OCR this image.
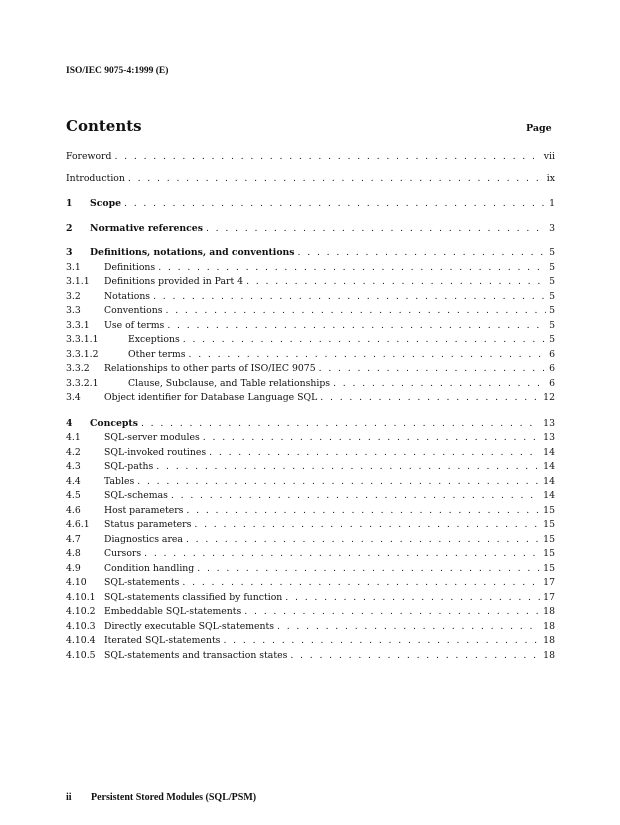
ISO/IEC 9075-4:1999 (E)
Contents	Page
Foreword . . .	vii
Introduction . . .	ix
1	Scope . . .	1
2	Normative references . . .	3
3	Definitions, notations, and conventions . . .	5
3.1	Definitions . . .	5
3.1.1	Definitions provided in Part 4 . . .	5
3.2	Notations . . .	5
3.3	Conventions . . .	5
3.3.1	Use of terms . . .	5
3.3.1.1	Exceptions . . .	5
3.3.1.2	Other terms . . .	6
3.3.2	Relationships to other parts of ISO/IEC 9075 . . .	6
3.3.2.1	Clause, Subclause, and Table relationships . . .	6
3.4	Object identifier for Database Language SQL . . .	12
4	Concepts . . .	13
4.1	SQL-server modules . . .	13
4.2	SQL-invoked routines . . .	14
4.3	SQL-paths . . .	14
4.4	Tables . . .	14
4.5	SQL-schemas . . .	14
4.6	Host parameters . . .	15
4.6.1	Status parameters . . .	15
4.7	Diagnostics area . . .	15
4.8	Cursors . . .	15
4.9	Condition handling . . .	15
4.10	SQL-statements . . .	17
4.10.1 SQL-statements classified by function . . .	17
4.10.2 Embeddable SQL-statements . . .	18
4.10.3 Directly executable SQL-statements . . .	18
4.10.4 Iterated SQL-statements . . .	18
4.10.5 SQL-statements and transaction states . . .	18
ii Persistent Stored Modules (SQL/PSM)
